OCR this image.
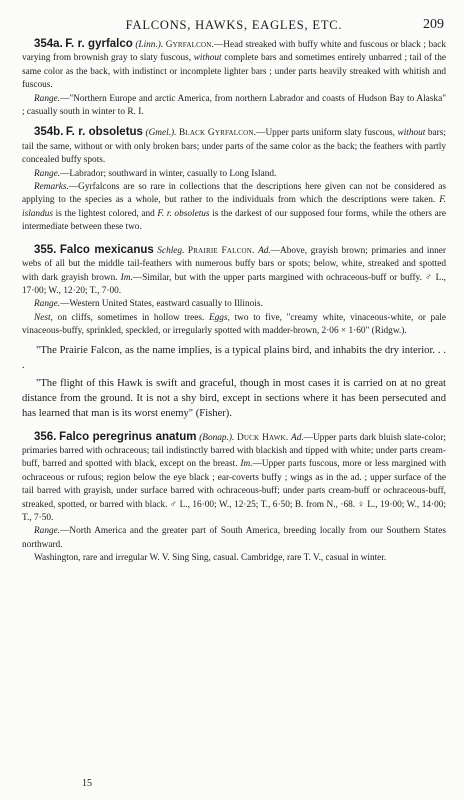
FALCONS, HAWKS, EAGLES, ETC.	209

354a. F. r. gyrfalco (Linn.). Gyrfalcon.—Head streaked with buffy white and fuscous or black ; back varying from brownish gray to slaty fuscous, without complete bars and sometimes entirely unbarred ; tail of the same color as the back, with indistinct or incomplete lighter bars ; under parts heavily streaked with whitish and fuscous.

Range.—"Northern Europe and arctic America, from northern Labrador and coasts of Hudson Bay to Alaska" ; casually south in winter to R. I.

354b. F. r. obsoletus (Gmel.). Black Gyrfalcon.—Upper parts uniform slaty fuscous, without bars; tail the same, without or with only broken bars; under parts of the same color as the back; the feathers with partly concealed buffy spots.

Range.—Labrador; southward in winter, casually to Long Island.

Remarks.—Gyrfalcons are so rare in collections that the descriptions here given can not be considered as applying to the species as a whole, but rather to the individuals from which the descriptions were taken. F. islandus is the lightest colored, and F. r. obsoletus is the darkest of our supposed four forms, while the others are intermediate between these two.

355. Falco mexicanus Schleg. Prairie Falcon. Ad.—Above, grayish brown; primaries and inner webs of all but the middle tail-feathers with numerous buffy bars or spots; below, white, streaked and spotted with dark grayish brown. Im.—Similar, but with the upper parts margined with ochraceous-buff or buffy. ♂ L., 17·00; W., 12·20; T., 7·00.

Range.—Western United States, eastward casually to Illinois.

Nest, on cliffs, sometimes in hollow trees. Eggs, two to five, "creamy white, vinaceous-white, or pale vinaceous-buffy, sprinkled, speckled, or irregularly spotted with madder-brown, 2·06 × 1·60" (Ridgw.).

"The Prairie Falcon, as the name implies, is a typical plains bird, and inhabits the dry interior. . . .

"The flight of this Hawk is swift and graceful, though in most cases it is carried on at no great distance from the ground. It is not a shy bird, except in sections where it has been persecuted and has learned that man is its worst enemy" (Fisher).

356. Falco peregrinus anatum (Bonap.). Duck Hawk. Ad.—Upper parts dark bluish slate-color; primaries barred with ochraceous; tail indistinctly barred with blackish and tipped with white; under parts cream-buff, barred and spotted with black, except on the breast. Im.—Upper parts fuscous, more or less margined with ochraceous or rufous; region below the eye black ; ear-coverts buffy ; wings as in the ad. ; upper surface of the tail barred with grayish, under surface barred with ochraceous-buff; under parts cream-buff or ochraceous-buff, streaked, spotted, or barred with black. ♂ L., 16·00; W., 12·25; T., 6·50; B. from N., ·68. ♀ L., 19·00; W., 14·00; T., 7·50.

Range.—North America and the greater part of South America, breeding locally from our Southern States northward.

Washington, rare and irregular W. V. Sing Sing, casual. Cambridge, rare T. V., casual in winter.

15
